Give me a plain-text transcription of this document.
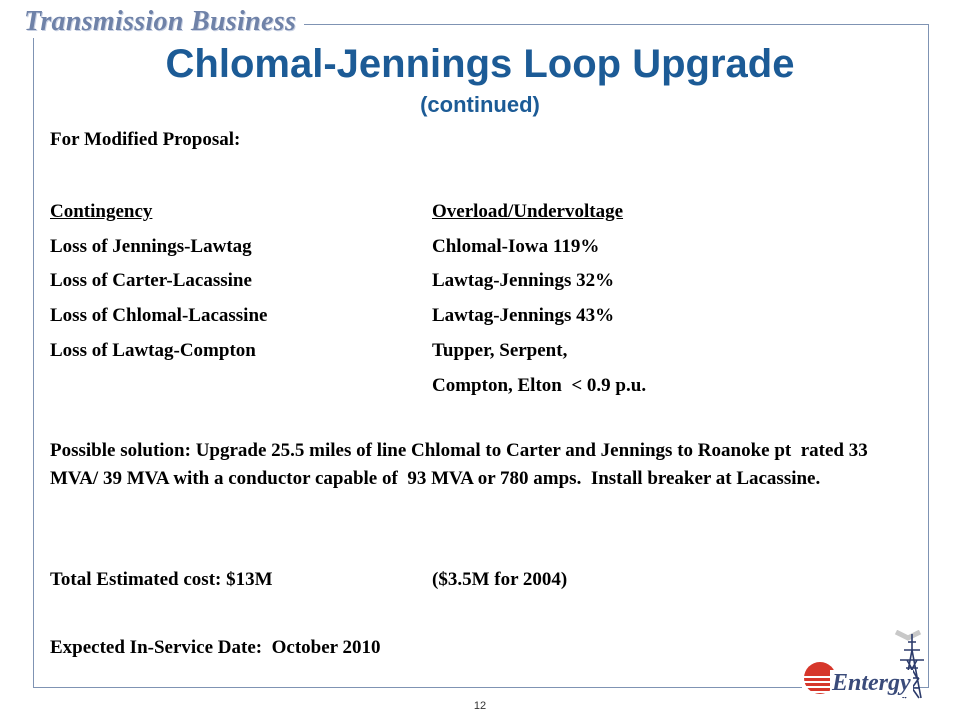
Transmission Business
Chlomal-Jennings Loop Upgrade
(continued)
For Modified Proposal:
Contingency	Overload/Undervoltage
Loss of Jennings-Lawtag	Chlomal-Iowa 119%
Loss of Carter-Lacassine	Lawtag-Jennings 32%
Loss of Chlomal-Lacassine	Lawtag-Jennings 43%
Loss of Lawtag-Compton	Tupper, Serpent,
Compton, Elton  < 0.9 p.u.
Possible solution: Upgrade 25.5 miles of line Chlomal to Carter and Jennings to Roanoke pt  rated 33 MVA/ 39 MVA with a conductor capable of  93 MVA or 780 amps.  Install breaker at Lacassine.
Total Estimated cost: $13M	($3.5M for 2004)
Expected In-Service Date:  October 2010
12
Entergy
